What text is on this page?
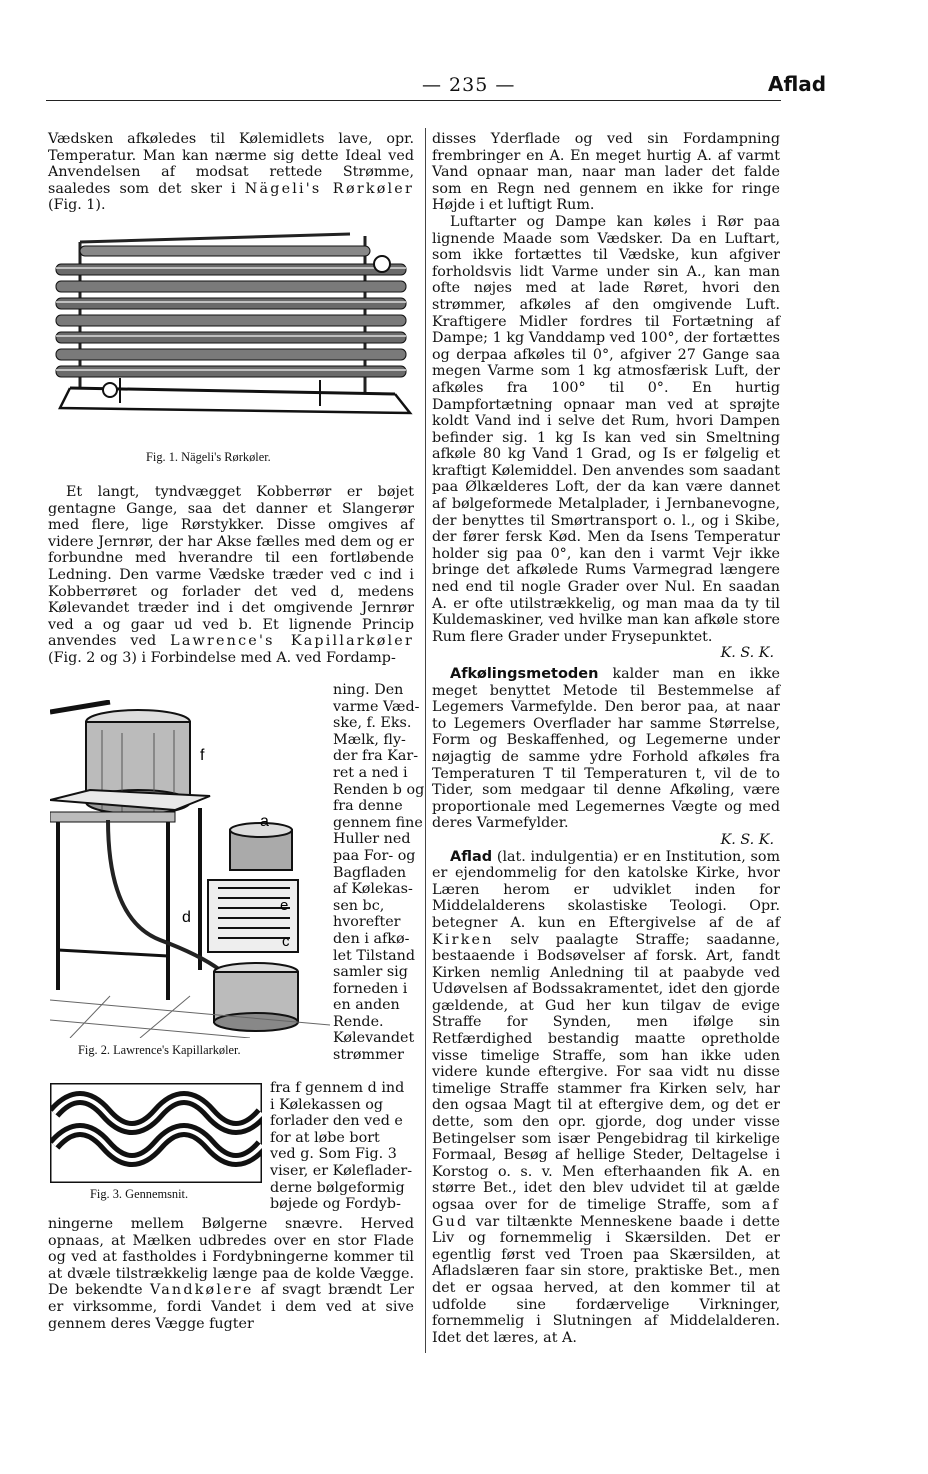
— 235 —	Aflad

Vædsken afkøledes til Kølemidlets lave, opr. Temperatur. Man kan nærme sig dette Ideal ved Anvendelsen af modsat rettede Strømme, saaledes som det sker i Nägeli's Rørkøler (Fig. 1).

Fig. 1. Nägeli's Rørkøler.

Et langt, tyndvægget Kobberrør er bøjet gentagne Gange, saa det danner et Slangerør med flere, lige Rørstykker. Disse omgives af videre Jernrør, der har Akse fælles med dem og er forbundne med hverandre til een fortløbende Ledning. Den varme Vædske træder ved c ind i Kobberrøret og forlader det ved d, medens Kølevandet træder ind i det omgivende Jernrør ved a og gaar ud ved b. Et lignende Princip anvendes ved Lawrence's Kapillarkøler (Fig. 2 og 3) i Forbindelse med A. ved Fordamp-

f
a
d
e
c
Fig. 2. Lawrence's Kapillarkøler.
ning. Den
varme Væd-
ske, f. Eks.
Mælk, fly-
der fra Kar-
ret a ned i
Renden b og
fra denne
gennem fine
Huller ned
paa For- og
Bagfladen
af Kølekas-
sen bc,
hvorefter
den i afkø-
let Tilstand
samler sig
forneden i
en anden
Rende.
Kølevandet
strømmer
Fig. 3. Gennemsnit.
fra f gennem d ind
i Kølekassen og
forlader den ved e
for at løbe bort
ved g. Som Fig. 3
viser, er Køleflader-
derne bølgeformig
bøjede og Fordyb-

ningerne mellem Bølgerne snævre. Herved opnaas, at Mælken udbredes over en stor Flade og ved at fastholdes i Fordybningerne kommer til at dvæle tilstrækkelig længe paa de kolde Vægge. De bekendte Vandkølere af svagt brændt Ler er virksomme, fordi Vandet i dem ved at sive gennem deres Vægge fugter

disses Yderflade og ved sin Fordampning frembringer en A. En meget hurtig A. af varmt Vand opnaar man, naar man lader det falde som en Regn ned gennem en ikke for ringe Højde i et luftigt Rum.

Luftarter og Dampe kan køles i Rør paa lignende Maade som Vædsker. Da en Luftart, som ikke fortættes til Vædske, kun afgiver forholdsvis lidt Varme under sin A., kan man ofte nøjes med at lade Røret, hvori den strømmer, afkøles af den omgivende Luft. Kraftigere Midler fordres til Fortætning af Dampe; 1 kg Vanddamp ved 100°, der fortættes og derpaa afkøles til 0°, afgiver 27 Gange saa megen Varme som 1 kg atmosfærisk Luft, der afkøles fra 100° til 0°. En hurtig Dampfortætning opnaar man ved at sprøjte koldt Vand ind i selve det Rum, hvori Dampen befinder sig. 1 kg Is kan ved sin Smeltning afkøle 80 kg Vand 1 Grad, og Is er følgelig et kraftigt Kølemiddel. Den anvendes som saadant paa Ølkælderes Loft, der da kan være dannet af bølgeformede Metalplader, i Jernbanevogne, der benyttes til Smørtransport o. l., og i Skibe, der fører fersk Kød. Men da Isens Temperatur holder sig paa 0°, kan den i varmt Vejr ikke bringe det afkølede Rums Varmegrad længere ned end til nogle Grader over Nul. En saadan A. er ofte utilstrækkelig, og man maa da ty til Kuldemaskiner, ved hvilke man kan afkøle store Rum flere Grader under Frysepunktet.

K. S. K.

Afkølingsmetoden kalder man en ikke meget benyttet Metode til Bestemmelse af Legemers Varmefylde. Den beror paa, at naar to Legemers Overflader har samme Størrelse, Form og Beskaffenhed, og Legemerne under nøjagtig de samme ydre Forhold afkøles fra Temperaturen T til Temperaturen t, vil de to Tider, som medgaar til denne Afkøling, være proportionale med Legemernes Vægte og med deres Varmefylder.

K. S. K.

Aflad (lat. indulgentia) er en Institution, som er ejendommelig for den katolske Kirke, hvor Læren herom er udviklet inden for Middelalderens skolastiske Teologi. Opr. betegner A. kun en Eftergivelse af de af Kirken selv paalagte Straffe; saadanne, bestaaende i Bodsøvelser af forsk. Art, fandt Kirken nemlig Anledning til at paabyde ved Udøvelsen af Bodssakramentet, idet den gjorde gældende, at Gud her kun tilgav de evige Straffe for Synden, men ifølge sin Retfærdighed bestandig maatte opretholde visse timelige Straffe, som han ikke uden videre kunde eftergive. For saa vidt nu disse timelige Straffe stammer fra Kirken selv, har den ogsaa Magt til at eftergive dem, og det er dette, som den opr. gjorde, dog under visse Betingelser som især Pengebidrag til kirkelige Formaal, Besøg af hellige Steder, Deltagelse i Korstog o. s. v. Men efterhaanden fik A. en større Bet., idet den blev udvidet til at gælde ogsaa over for de timelige Straffe, som af Gud var tiltænkte Menneskene baade i dette Liv og fornemmelig i Skærsilden. Det er egentlig først ved Troen paa Skærsilden, at Afladslæren faar sin store, praktiske Bet., men det er ogsaa herved, at den kommer til at udfolde sine fordærvelige Virkninger, fornemmelig i Slutningen af Middelalderen. Idet det læres, at A.
